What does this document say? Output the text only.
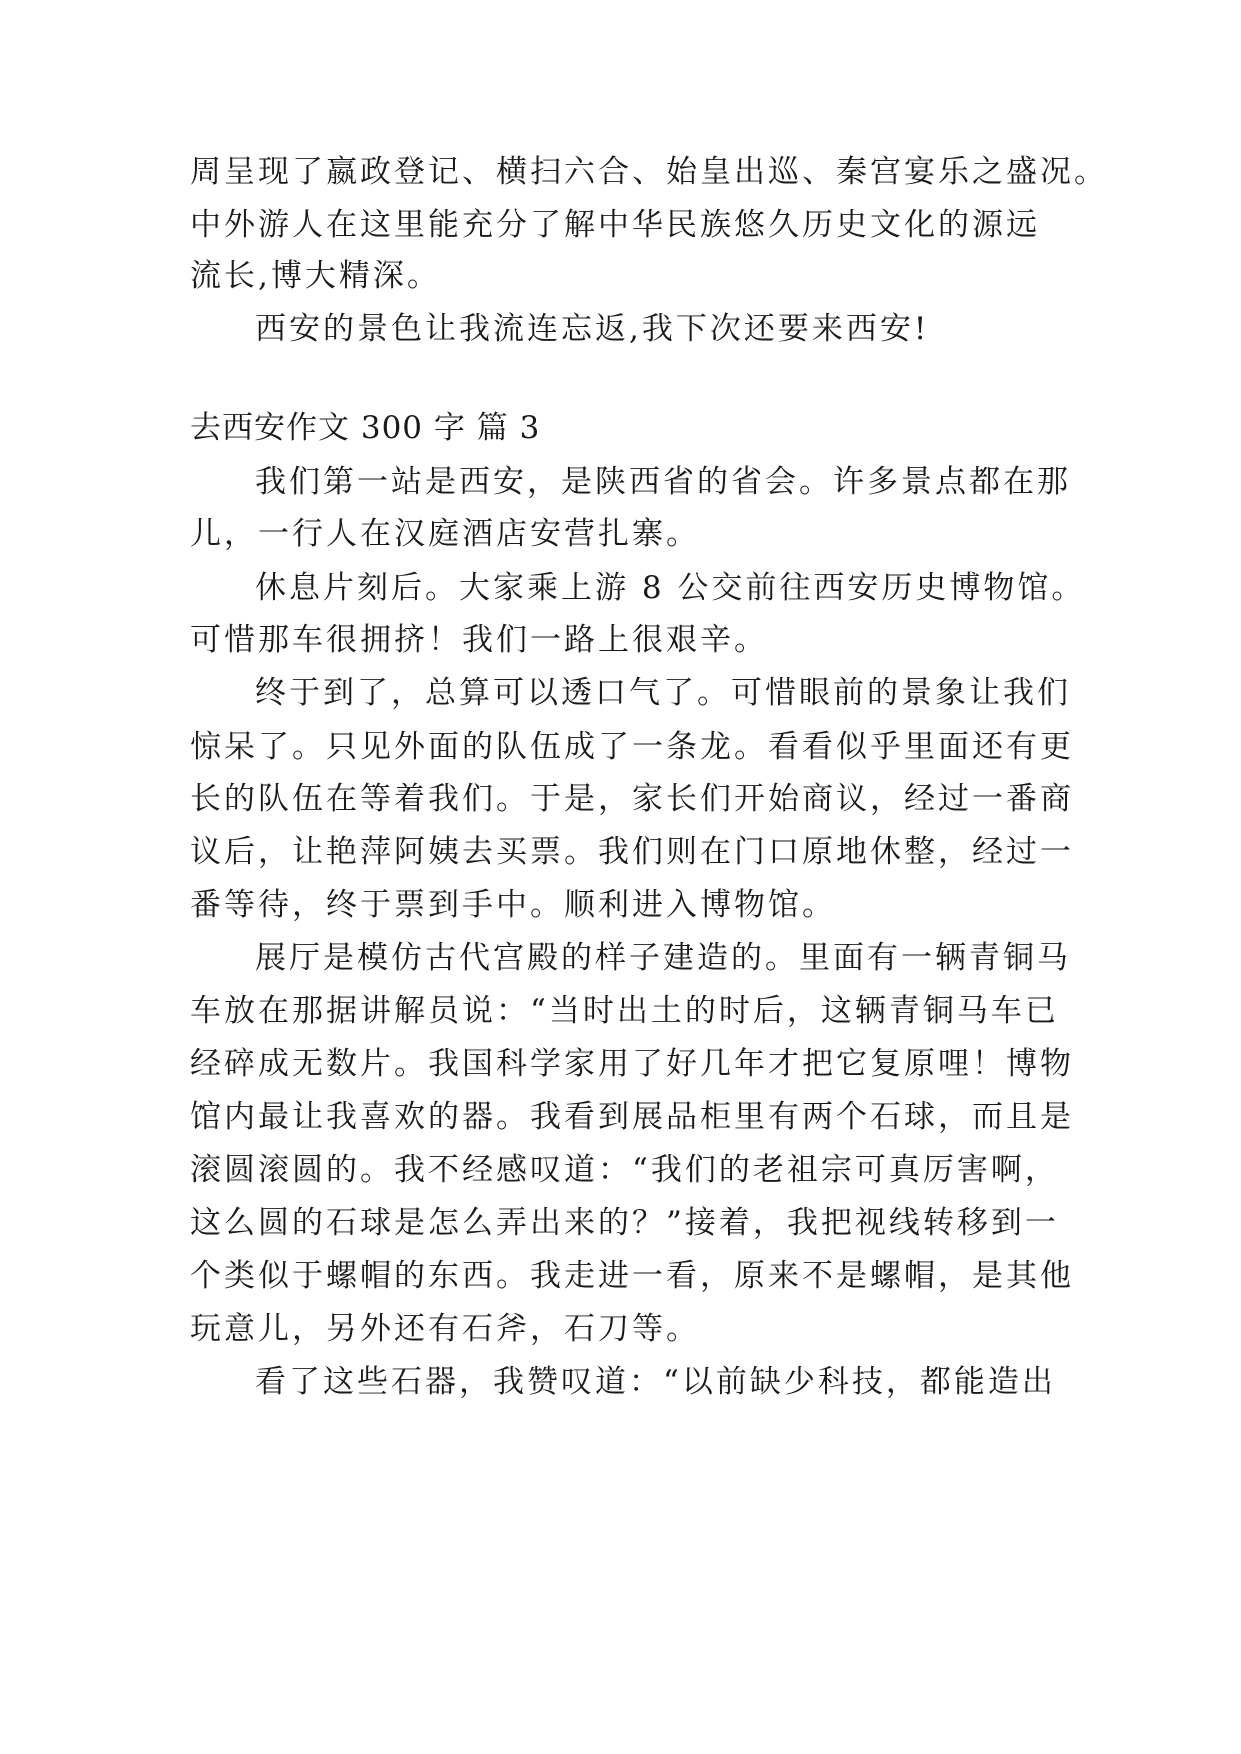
周呈现了嬴政登记、横扫六合、始皇出巡、秦宫宴乐之盛况。
中外游人在这里能充分了解中华民族悠久历史文化的源远
流长,博大精深。
西安的景色让我流连忘返,我下次还要来西安!
去西安作文 300 字 篇 3
我们第一站是西安，是陕西省的省会。许多景点都在那
儿，一行人在汉庭酒店安营扎寨。
休息片刻后。大家乘上游 8 公交前往西安历史博物馆。
可惜那车很拥挤！我们一路上很艰辛。
终于到了，总算可以透口气了。可惜眼前的景象让我们
惊呆了。只见外面的队伍成了一条龙。看看似乎里面还有更
长的队伍在等着我们。于是，家长们开始商议，经过一番商
议后，让艳萍阿姨去买票。我们则在门口原地休整，经过一
番等待，终于票到手中。顺利进入博物馆。
展厅是模仿古代宫殿的样子建造的。里面有一辆青铜马
车放在那据讲解员说：“当时出土的时后，这辆青铜马车已
经碎成无数片。我国科学家用了好几年才把它复原哩！博物
馆内最让我喜欢的器。我看到展品柜里有两个石球，而且是
滚圆滚圆的。我不经感叹道：“我们的老祖宗可真厉害啊，
这么圆的石球是怎么弄出来的？”接着，我把视线转移到一
个类似于螺帽的东西。我走进一看，原来不是螺帽，是其他
玩意儿，另外还有石斧，石刀等。
看了这些石器，我赞叹道：“以前缺少科技，都能造出
